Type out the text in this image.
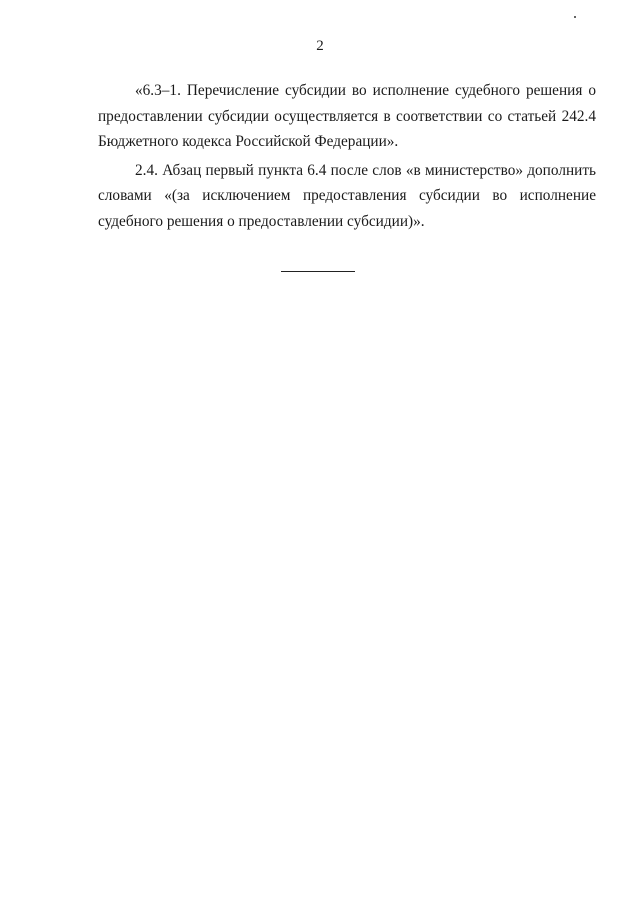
2

«6.3–1. Перечисление субсидии во исполнение судебного решения о предоставлении субсидии осуществляется в соответствии со статьей 242.4 Бюджетного кодекса Российской Федерации».

2.4. Абзац первый пункта 6.4 после слов «в министерство» дополнить словами «(за исключением предоставления субсидии во исполнение судебного решения о предоставлении субсидии)».
